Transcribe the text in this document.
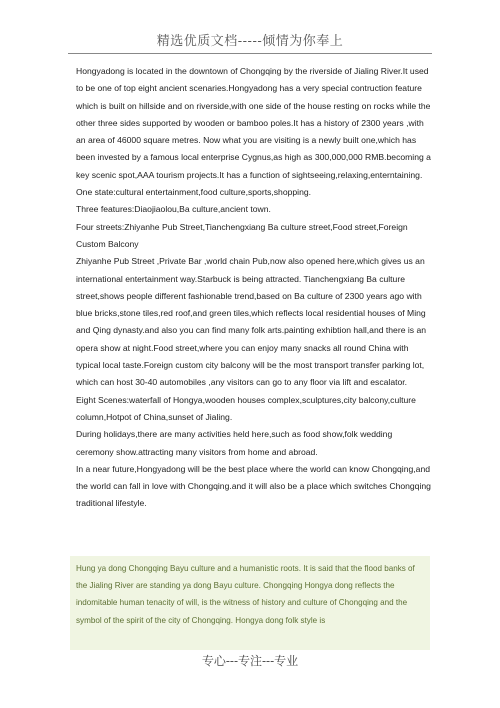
精选优质文档-----倾情为你奉上

Hongyadong is located in the downtown of Chongqing by the riverside of Jialing River.It used to be one of top eight ancient scenaries.Hongyadong has a very special contruction feature which is built on hillside and on riverside,with one side of the house resting on rocks while the other three sides supported by wooden or bamboo poles.It has a history of 2300 years ,with an area of 46000 square metres. Now what you are visiting is a newly built one,which has been invested by a famous local enterprise Cygnus,as high as 300,000,000 RMB.becoming a key scenic spot,AAA tourism projects.It has a function of sightseeing,relaxing,enterntaining.

One state:cultural entertainment,food culture,sports,shopping.

Three features:Diaojiaolou,Ba culture,ancient town.

Four streets:Zhiyanhe Pub Street,Tianchengxiang Ba culture street,Food street,Foreign Custom Balcony

Zhiyanhe Pub Street ,Private Bar ,world chain Pub,now also opened here,which gives us an international entertainment way.Starbuck is being attracted. Tianchengxiang Ba culture street,shows people different fashionable trend,based on Ba culture of 2300 years ago with blue bricks,stone tiles,red roof,and green tiles,which reflects local residential houses of Ming and Qing dynasty.and also you can find many folk arts.painting exhibtion hall,and there is an opera show at night.Food street,where you can enjoy many snacks all round China with typical local taste.Foreign custom city balcony will be the most transport transfer parking lot, which can host 30-40 automobiles ,any visitors can go to any floor via lift and escalator.

Eight Scenes:waterfall of Hongya,wooden houses complex,sculptures,city balcony,culture column,Hotpot of China,sunset of Jialing.

During holidays,there are many activities held here,such as food show,folk wedding ceremony show.attracting many visitors from home and abroad.

In a near future,Hongyadong will be the best place where the world can know Chongqing,and the world can fall in love with Chongqing.and it will also be a place which switches Chongqing traditional lifestyle.

Hung ya dong Chongqing Bayu culture and a humanistic roots. It is said that the flood banks of the Jialing River are standing ya dong Bayu culture. Chongqing Hongya dong reflects the indomitable human tenacity of will, is the witness of history and culture of Chongqing and the symbol of the spirit of the city of Chongqing. Hongya dong folk style is

专心---专注---专业
